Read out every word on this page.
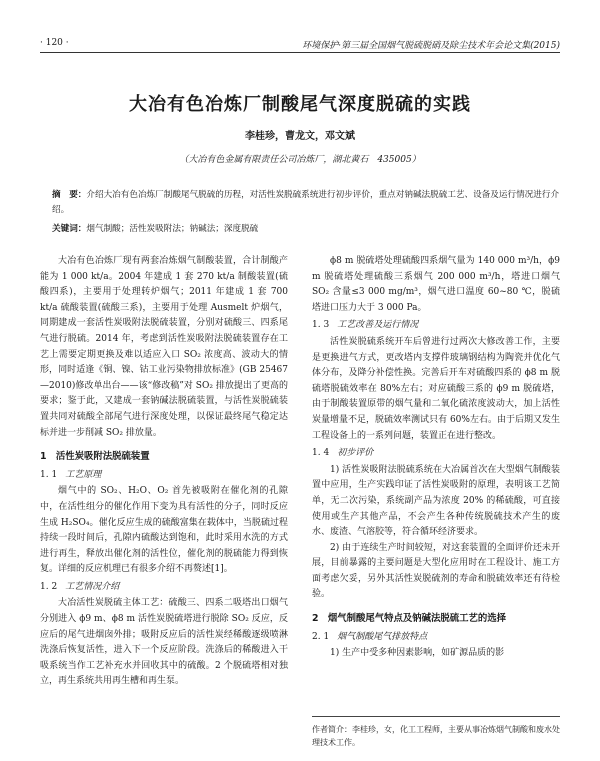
· 120 ·	环境保护·第三届全国烟气脱硫脱硝及除尘技术年会论文集(2015)
大冶有色冶炼厂制酸尾气深度脱硫的实践
李桂珍，曹龙文，邓文斌
（大冶有色金属有限责任公司冶炼厂，湖北黄石　435005）
摘　要：介绍大冶有色冶炼厂制酸尾气脱硫的历程，对活性炭脱硫系统进行初步评价，重点对钠碱法脱硫工艺、设备及运行情况进行介绍。
关键词：烟气制酸；活性炭吸附法；钠碱法；深度脱硫

大冶有色冶炼厂现有两套冶炼烟气制酸装置，合计制酸产能为 1 000 kt/a。2004 年建成 1 套 270 kt/a 制酸装置(硫酸四系)，主要用于处理转炉烟气；2011 年建成 1 套 700 kt/a 硫酸装置(硫酸三系)，主要用于处理 Ausmelt 炉烟气，同期建成一套活性炭吸附法脱硫装置，分别对硫酸三、四系尾气进行脱硫。2014 年，考虑到活性炭吸附法脱硫装置存在工艺上需要定期更换及难以适应入口 SO₂ 浓度高、波动大的情形，同时适逢《铜、镍、钴工业污染物排放标准》(GB 25467—2010)修改单出台——该“修改稿”对 SO₂ 排放提出了更高的要求；鉴于此，又建成一套钠碱法脱硫装置，与活性炭脱硫装置共同对硫酸全部尾气进行深度处理，以保证最终尾气稳定达标并进一步削减 SO₂ 排放量。

1　活性炭吸附法脱硫装置
1. 1 工艺原理

烟气中的 SO₂、H₂O、O₂ 首先被吸附在催化剂的孔隙中，在活性组分的催化作用下变为具有活性的分子，同时反应生成 H₂SO₄。催化反应生成的硫酸富集在载体中，当脱硫过程持续一段时间后，孔隙内硫酸达到饱和，此时采用水洗的方式进行再生，释放出催化剂的活性位，催化剂的脱硫能力得到恢复。详细的反应机理已有很多介绍不再赘述[1]。

1. 2 工艺情况介绍

大冶活性炭脱硫主体工艺：硫酸三、四系二吸塔出口烟气分别进入 ϕ9 m、ϕ8 m 活性炭脱硫塔进行脱除 SO₂ 反应，反应后的尾气进烟囱外排；吸附反应后的活性炭经稀酸逐级喷淋洗涤后恢复活性，进入下一个反应阶段。洗涤后的稀酸进入干吸系统当作工艺补充水并回收其中的硫酸。2 个脱硫塔相对独立，再生系统共用再生槽和再生泵。

ϕ8 m 脱硫塔处理硫酸四系烟气量为 140 000 m³/h，ϕ9 m 脱硫塔处理硫酸三系烟气 200 000 m³/h，塔进口烟气 SO₂ 含量≤3 000 mg/m³，烟气进口温度 60~80 ℃，脱硫塔进口压力大于 3 000 Pa。

1. 3 工艺改善及运行情况

活性炭脱硫系统开车后曾进行过两次大修改善工作，主要是更换进气方式，更改塔内支撑件玻璃钢结构为陶瓷并优化气体分布，及降分补偿性换。完善后开车对硫酸四系的 ϕ8 m 脱硫塔脱硫效率在 80%左右；对应硫酸三系的 ϕ9 m 脱硫塔，由于制酸装置原带的烟气量和二氧化硫浓度波动大，加上活性炭量增量不足，脱硫效率测试只有 60%左右。由于后期又发生工程设备上的一系列问题，装置正在进行整改。

1. 4 初步评价

1) 活性炭吸附法脱硫系统在大冶属首次在大型烟气制酸装置中应用，生产实践印证了活性炭吸附的原理，表明该工艺简单，无二次污染，系统副产品为浓度 20% 的稀硫酸，可直接使用或生产其他产品，不会产生各种传统脱硫技术产生的废水、废渣、气溶胶等，符合循环经济要求。

2) 由于连续生产时间较短，对这套装置的全面评价还未开展，目前暴露的主要问题是大型化应用时在工程设计、施工方面考虑欠妥，另外其活性炭脱硫剂的寿命和脱硫效率还有待检验。

2　烟气制酸尾气特点及钠碱法脱硫工艺的选择
2. 1 烟气制酸尾气排放特点

1) 生产中受多种因素影响，如矿源品质的影

作者简介：李桂珍，女，化工工程师，主要从事冶炼烟气制酸和废水处理技术工作。
